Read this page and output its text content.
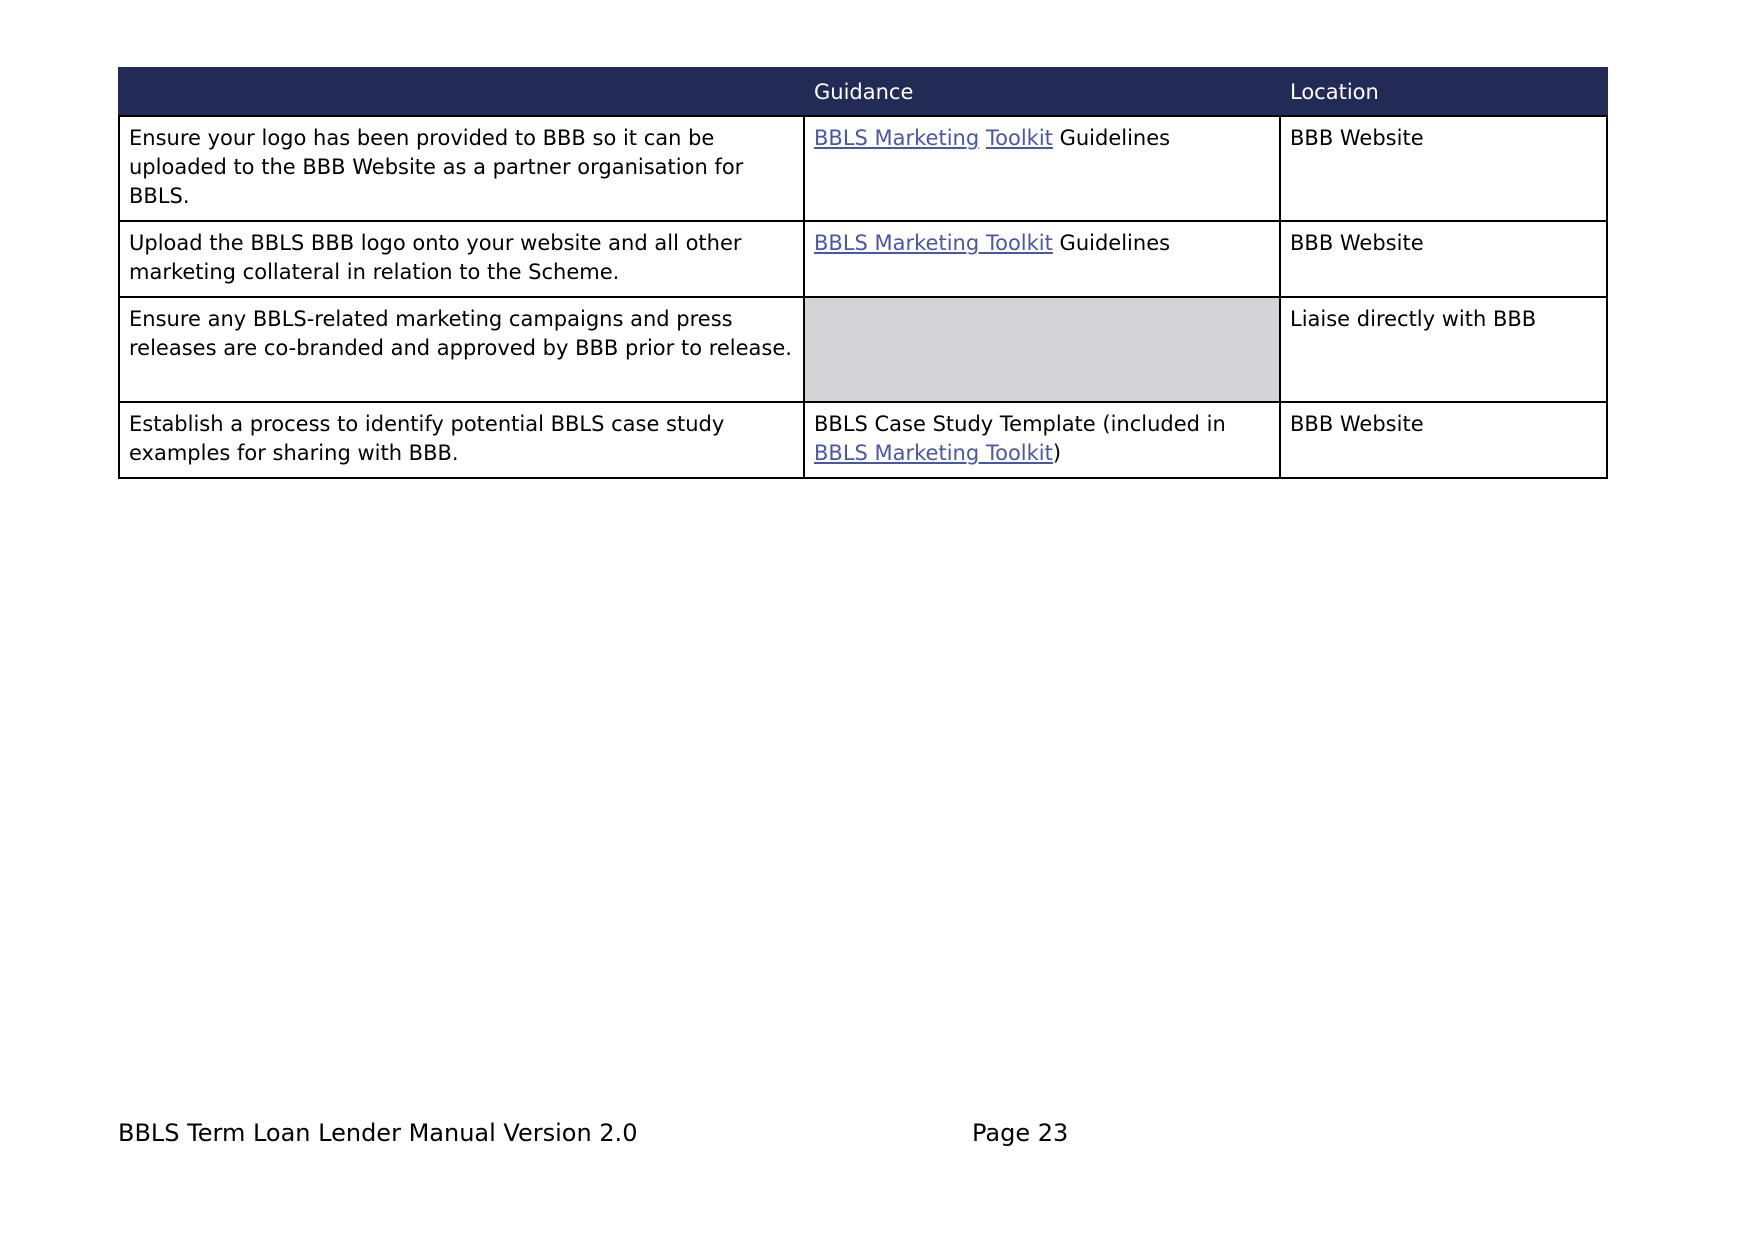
	Guidance	Location
Ensure your logo has been provided to BBB so it can be uploaded to the BBB Website as a partner organisation for BBLS.	BBLS Marketing Toolkit Guidelines	BBB Website
Upload the BBLS BBB logo onto your website and all other marketing collateral in relation to the Scheme.	BBLS Marketing Toolkit Guidelines	BBB Website
Ensure any BBLS-related marketing campaigns and press releases are co-branded and approved by BBB prior to release.		Liaise directly with BBB
Establish a process to identify potential BBLS case study examples for sharing with BBB.	BBLS Case Study Template (included in BBLS Marketing Toolkit)	BBB Website
BBLS Term Loan Lender Manual Version 2.0	Page 23
